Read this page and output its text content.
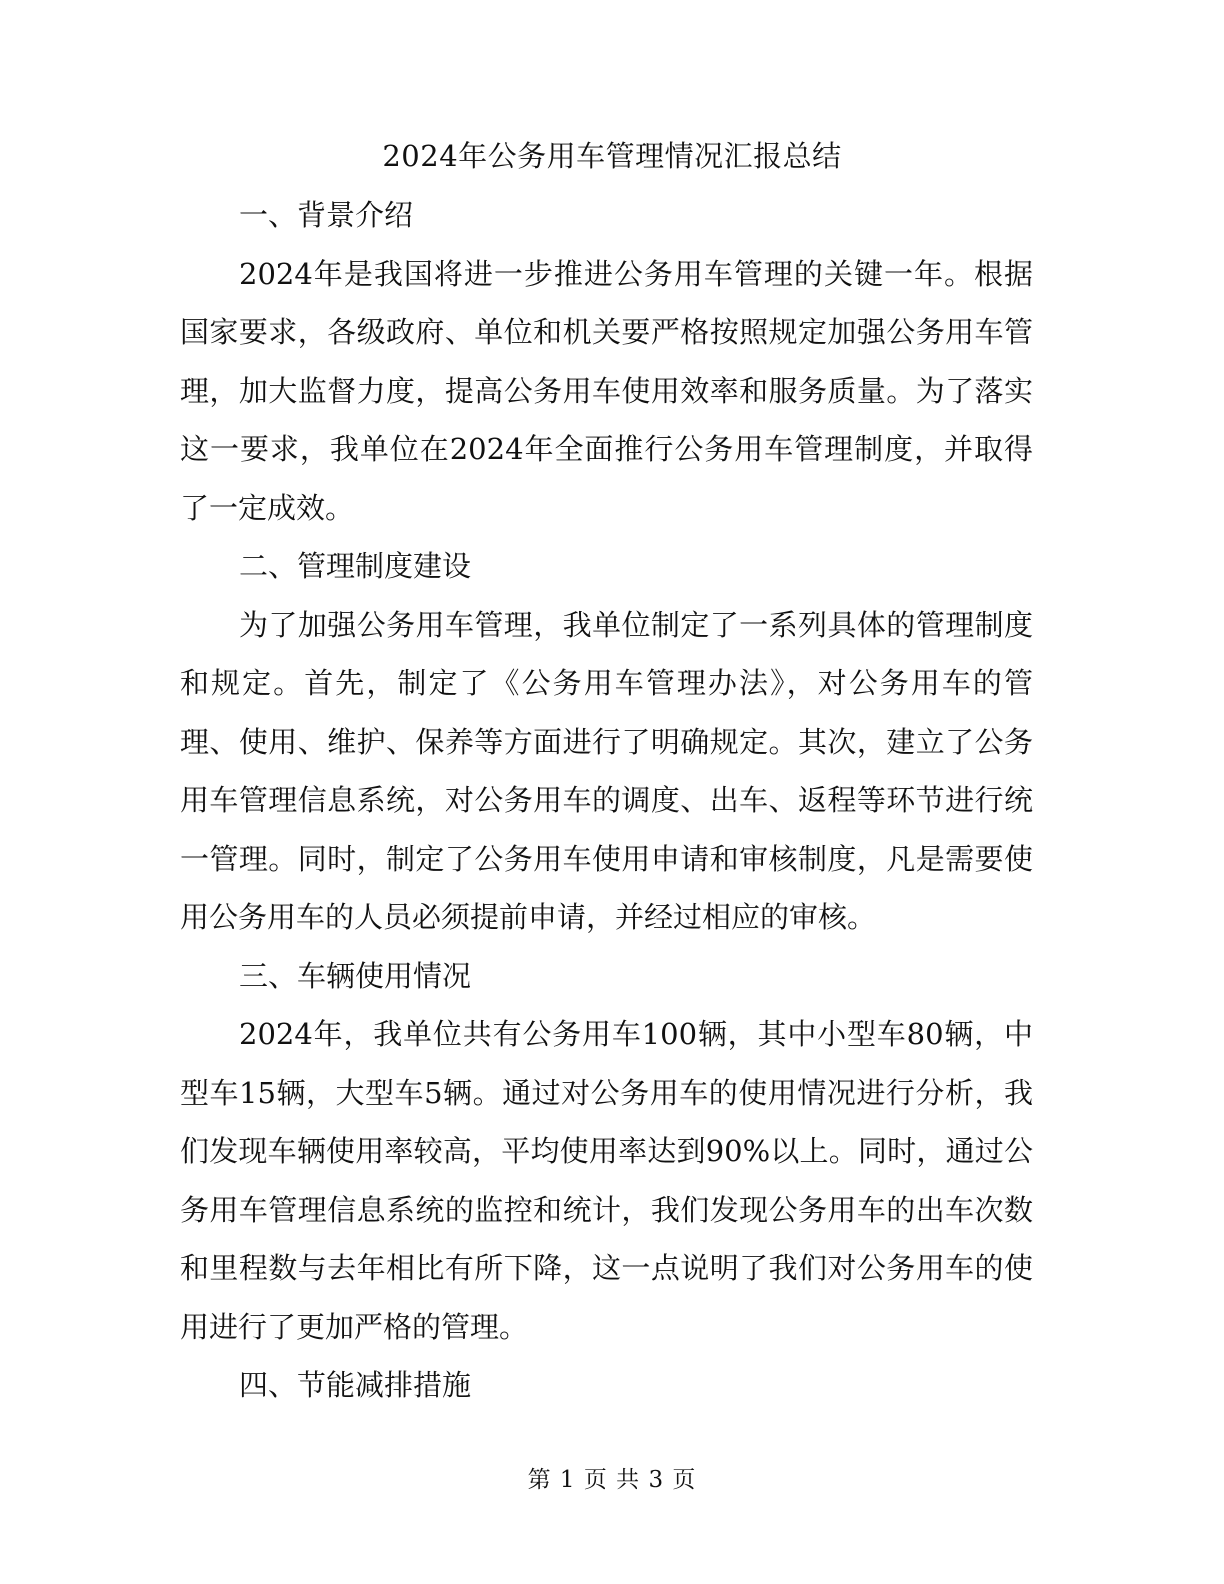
2024年公务用车管理情况汇报总结

一、背景介绍

2024年是我国将进一步推进公务用车管理的关键一年。根据国家要求，各级政府、单位和机关要严格按照规定加强公务用车管理，加大监督力度，提高公务用车使用效率和服务质量。为了落实这一要求，我单位在2024年全面推行公务用车管理制度，并取得了一定成效。

二、管理制度建设

为了加强公务用车管理，我单位制定了一系列具体的管理制度和规定。首先，制定了《公务用车管理办法》，对公务用车的管理、使用、维护、保养等方面进行了明确规定。其次，建立了公务用车管理信息系统，对公务用车的调度、出车、返程等环节进行统一管理。同时，制定了公务用车使用申请和审核制度，凡是需要使用公务用车的人员必须提前申请，并经过相应的审核。

三、车辆使用情况

2024年，我单位共有公务用车100辆，其中小型车80辆，中型车15辆，大型车5辆。通过对公务用车的使用情况进行分析，我们发现车辆使用率较高，平均使用率达到90%以上。同时，通过公务用车管理信息系统的监控和统计，我们发现公务用车的出车次数和里程数与去年相比有所下降，这一点说明了我们对公务用车的使用进行了更加严格的管理。

四、节能减排措施

第 1 页 共 3 页
